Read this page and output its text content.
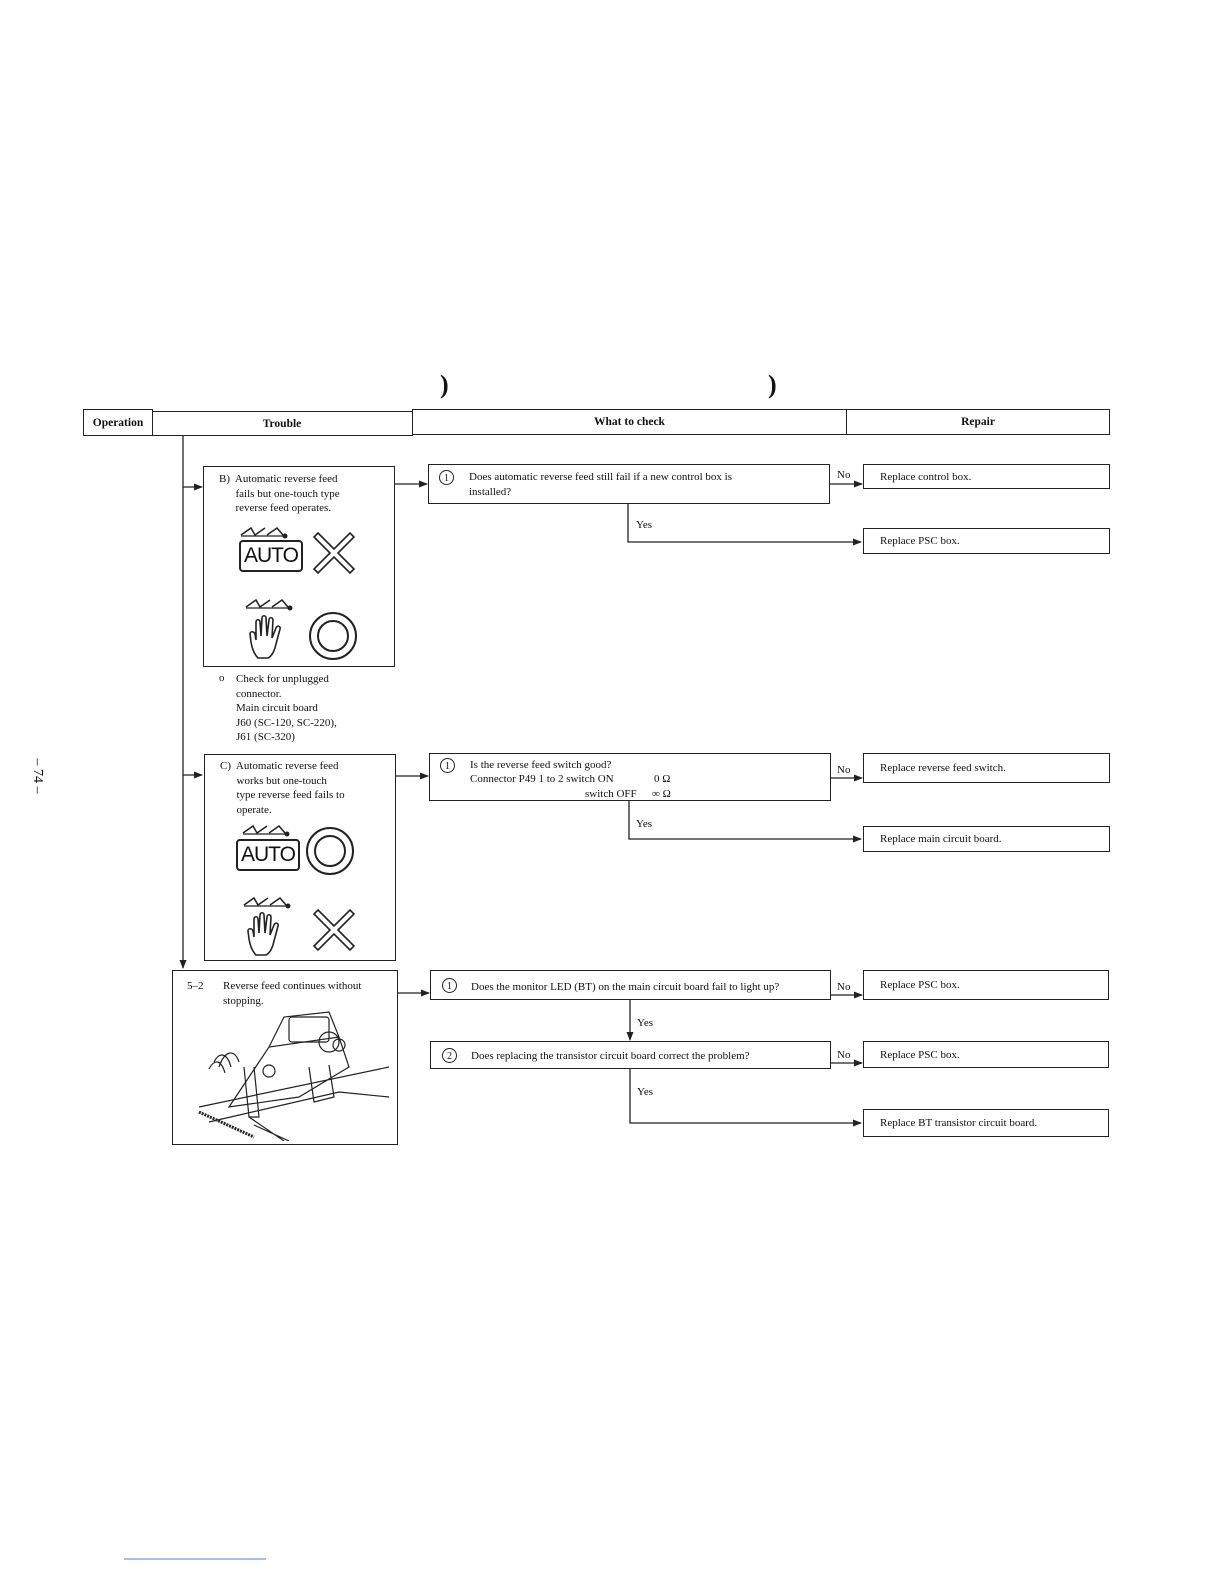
)	)
– 74 –
Operation	Trouble	What to check	Repair
B)  Automatic reverse feed
fails but one-touch type
reverse feed operates.
AUTO
o Check for unplugged
connector.
Main circuit board
J60 (SC-120, SC-220),
J61 (SC-320)
1	Does automatic reverse feed still fail if a new control box is
installed?
No
Yes
Replace control box.
Replace PSC box.
C)  Automatic reverse feed
works but one-touch
type reverse feed fails to
operate.
AUTO
1	Is the reverse feed switch good?
Connector P49 1 to 2 switch ON	0 Ω
switch OFF ∞ Ω
No
Yes
Replace reverse feed switch.
Replace main circuit board.
5–2 Reverse feed continues without
stopping.
1	Does the monitor LED (BT) on the main circuit board fail to light up?	No	Replace PSC box.
Yes
2	Does replacing the transistor circuit board correct the problem?	No	Replace PSC box.
Yes
Replace BT transistor circuit board.
